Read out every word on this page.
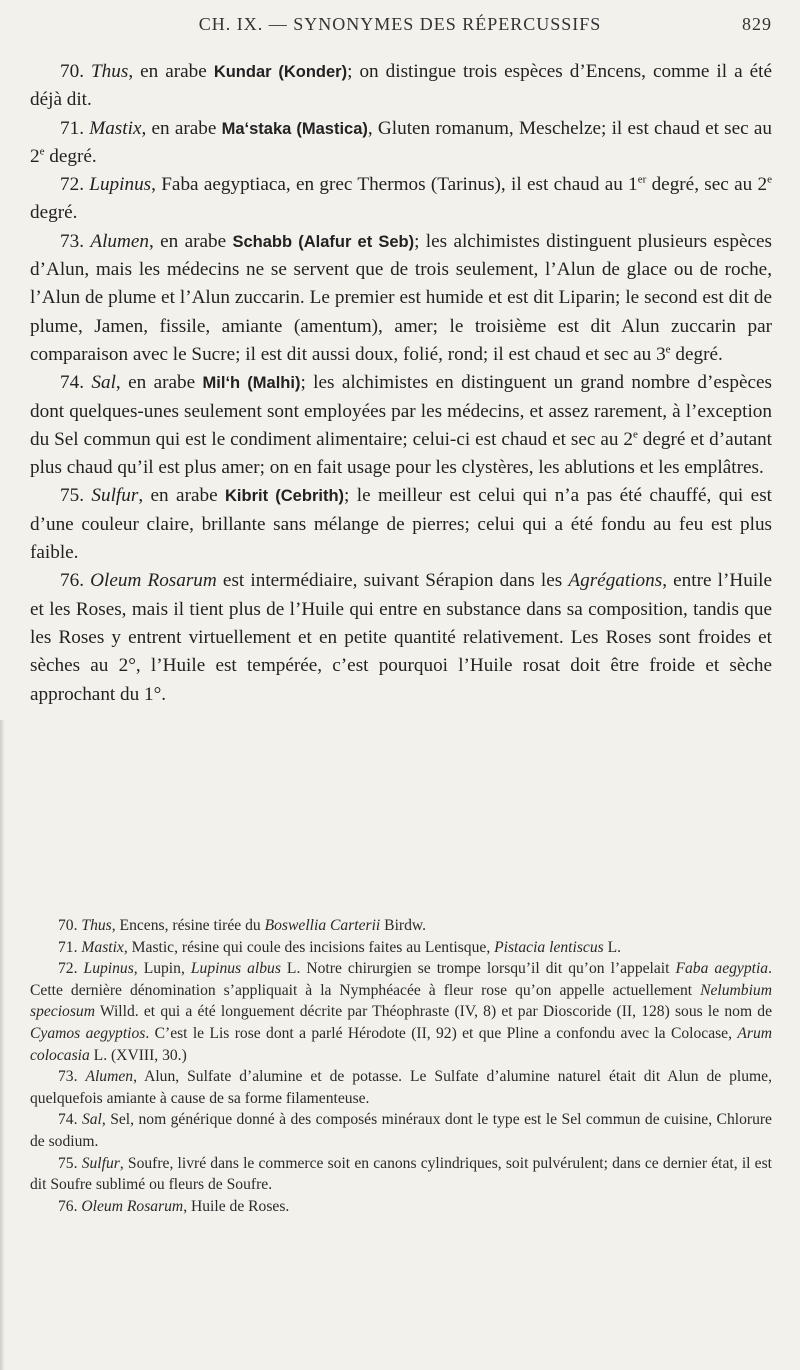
CH. IX. — SYNONYMES DES RÉPERCUSSIFS	829

70. Thus, en arabe Kundar (Konder); on distingue trois espèces d’Encens, comme il a été déjà dit.

71. Mastix, en arabe Ma‘staka (Mastica), Gluten romanum, Meschelze; il est chaud et sec au 2e degré.

72. Lupinus, Faba aegyptiaca, en grec Thermos (Tarinus), il est chaud au 1er degré, sec au 2e degré.

73. Alumen, en arabe Schabb (Alafur et Seb); les alchimistes distinguent plusieurs espèces d’Alun, mais les médecins ne se servent que de trois seulement, l’Alun de glace ou de roche, l’Alun de plume et l’Alun zuccarin. Le premier est humide et est dit Liparin; le second est dit de plume, Jamen, fissile, amiante (amentum), amer; le troisième est dit Alun zuccarin par comparaison avec le Sucre; il est dit aussi doux, folié, rond; il est chaud et sec au 3e degré.

74. Sal, en arabe Mil‘h (Malhi); les alchimistes en distinguent un grand nombre d’espèces dont quelques-unes seulement sont employées par les médecins, et assez rarement, à l’exception du Sel commun qui est le condiment alimentaire; celui-ci est chaud et sec au 2e degré et d’autant plus chaud qu’il est plus amer; on en fait usage pour les clystères, les ablutions et les emplâtres.

75. Sulfur, en arabe Kibrit (Cebrith); le meilleur est celui qui n’a pas été chauffé, qui est d’une couleur claire, brillante sans mélange de pierres; celui qui a été fondu au feu est plus faible.

76. Oleum Rosarum est intermédiaire, suivant Sérapion dans les Agrégations, entre l’Huile et les Roses, mais il tient plus de l’Huile qui entre en substance dans sa composition, tandis que les Roses y entrent virtuellement et en petite quantité relativement. Les Roses sont froides et sèches au 2°, l’Huile est tempérée, c’est pourquoi l’Huile rosat doit être froide et sèche approchant du 1°.

70. Thus, Encens, résine tirée du Boswellia Carterii Birdw.

71. Mastix, Mastic, résine qui coule des incisions faites au Lentisque, Pistacia lentiscus L.

72. Lupinus, Lupin, Lupinus albus L. Notre chirurgien se trompe lorsqu’il dit qu’on l’appelait Faba aegyptia. Cette dernière dénomination s’appliquait à la Nymphéacée à fleur rose qu’on appelle actuellement Nelumbium speciosum Willd. et qui a été longuement décrite par Théophraste (IV, 8) et par Dioscoride (II, 128) sous le nom de Cyamos aegyptios. C’est le Lis rose dont a parlé Hérodote (II, 92) et que Pline a confondu avec la Colocase, Arum colocasia L. (XVIII, 30.)

73. Alumen, Alun, Sulfate d’alumine et de potasse. Le Sulfate d’alumine naturel était dit Alun de plume, quelquefois amiante à cause de sa forme filamenteuse.

74. Sal, Sel, nom générique donné à des composés minéraux dont le type est le Sel commun de cuisine, Chlorure de sodium.

75. Sulfur, Soufre, livré dans le commerce soit en canons cylindriques, soit pulvérulent; dans ce dernier état, il est dit Soufre sublimé ou fleurs de Soufre.

76. Oleum Rosarum, Huile de Roses.
